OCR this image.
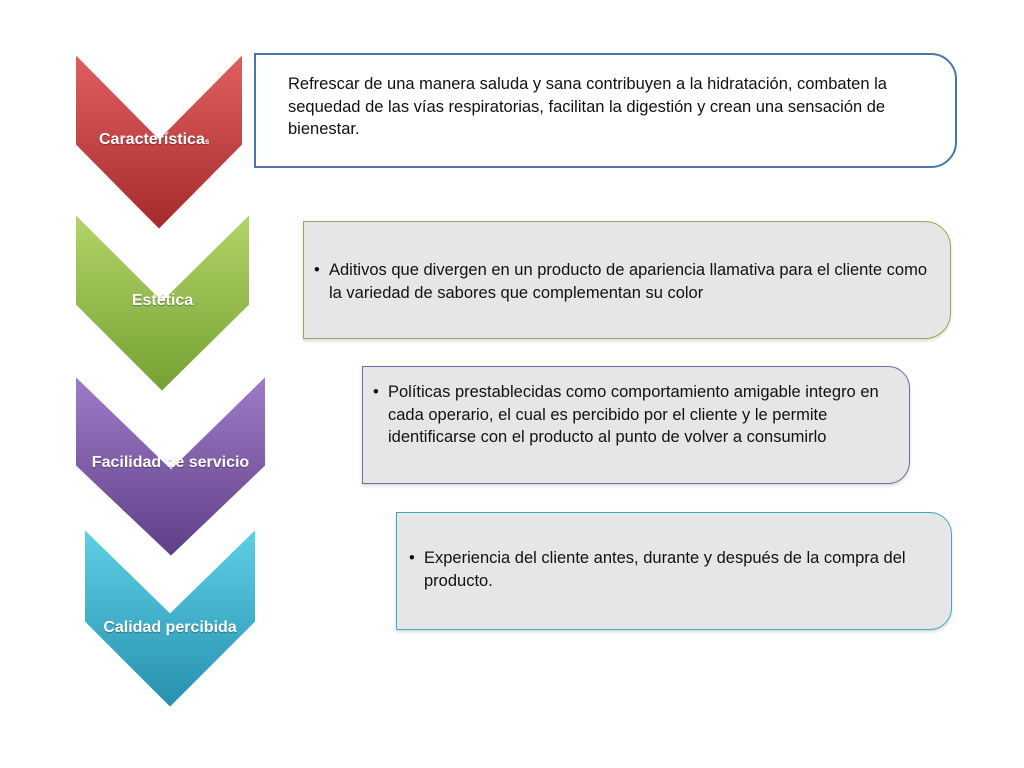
Características
Estética
Facilidad de servicio
Calidad percibida
Refrescar de una manera saluda y sana contribuyen a la hidratación, combaten la sequedad de las vías respiratorias, facilitan la digestión y crean una sensación de bienestar.
• Aditivos que divergen en un producto de apariencia llamativa para el cliente como la variedad de sabores que complementan su color
• Políticas prestablecidas como comportamiento amigable integro en cada operario, el cual es percibido por el cliente y le permite identificarse con el producto al punto de volver a consumirlo
• Experiencia del cliente antes, durante y después de la compra del producto.
